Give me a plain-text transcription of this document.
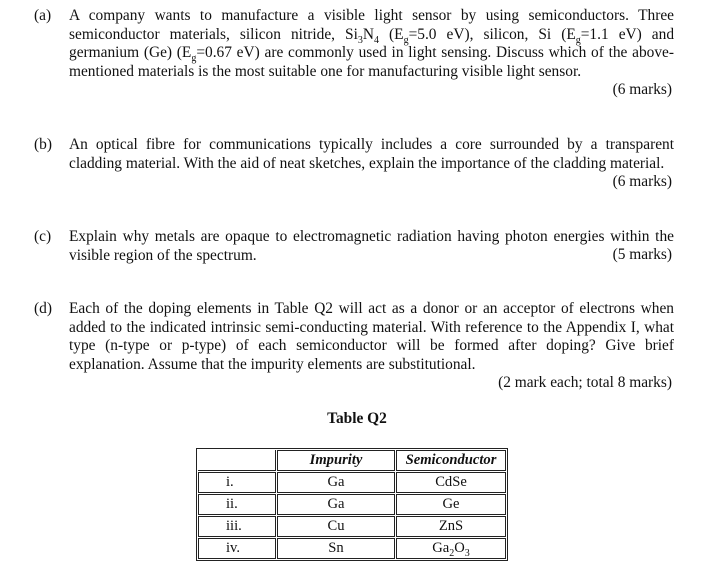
(a) A company wants to manufacture a visible light sensor by using semiconductors. Three semiconductor materials, silicon nitride, $Si_3N_4$ ($E_g=5.0$ eV), silicon, Si ($E_g=1.1$ eV) and germanium (Ge) ($E_g=0.67$ eV) are commonly used in light sensing. Discuss which of the above-mentioned materials is the most suitable one for manufacturing visible light sensor.
(6 marks)
(b) An optical fibre for communications typically includes a core surrounded by a transparent cladding material. With the aid of neat sketches, explain the importance of the cladding material.
(6 marks)
(c) Explain why metals are opaque to electromagnetic radiation having photon energies within the visible region of the spectrum.	(5 marks)
(d) Each of the doping elements in Table Q2 will act as a donor or an acceptor of electrons when added to the indicated intrinsic semi-conducting material. With reference to the Appendix I, what type (n-type or p-type) of each semiconductor will be formed after doping? Give brief explanation. Assume that the impurity elements are substitutional.
(2 mark each; total 8 marks)
Table Q2
	Impurity	Semiconductor
i.	Ga	CdSe
ii.	Ga	Ge
iii.	Cu	ZnS
iv.	Sn	$Ga_2O_3$
